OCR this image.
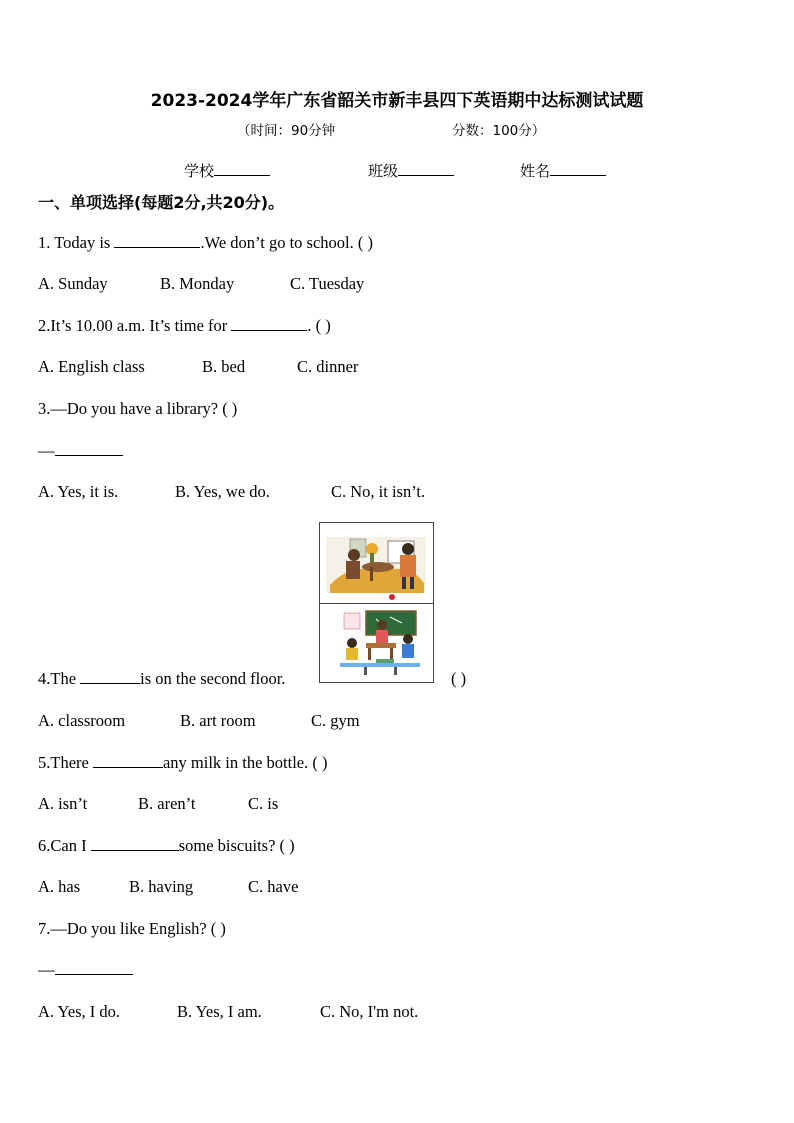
2023-2024学年广东省韶关市新丰县四下英语期中达标测试试题
（时间：90分钟	分数：100分）
学校	班级	姓名
一、单项选择(每题2分,共20分)。
1. Today is	.We don’t go to school. ( )
A. Sunday	B. Monday	C. Tuesday
2.It’s 10.00 a.m. It’s time for	. ( )
A. English class	B. bed	C. dinner
3.—Do you have a library? ( )
—
A. Yes, it is.	B. Yes, we do.	C. No, it isn’t.
4.The	is on the second floor.	( )
A. classroom	B. art room	C. gym
5.There	any milk in the bottle. ( )
A. isn’t	B. aren’t	C. is
6.Can I	some biscuits? ( )
A. has	B. having	C. have
7.—Do you like English? ( )
—
A. Yes, I do.	B. Yes, I am.	C. No, I'm not.
